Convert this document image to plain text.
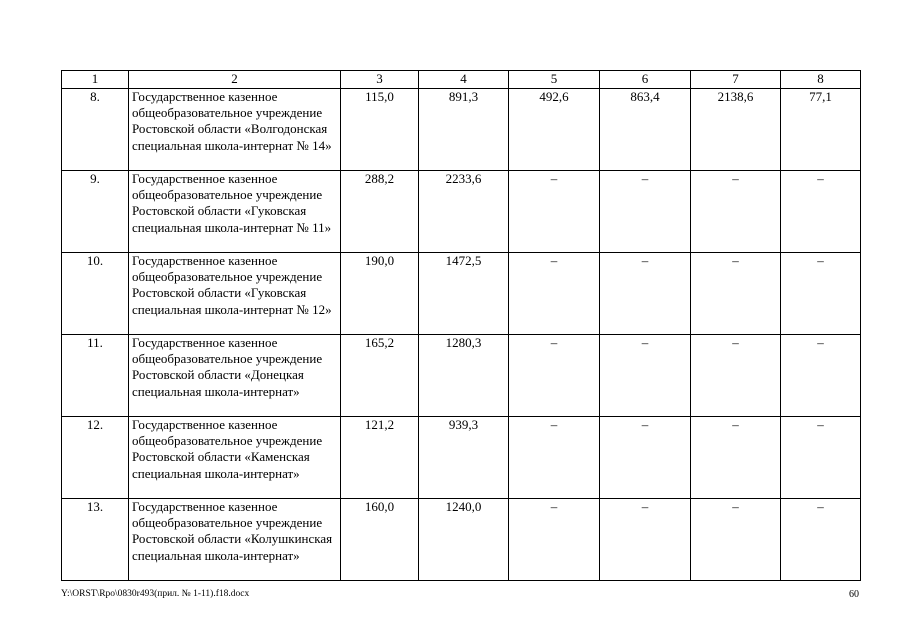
1	2	3	4	5	6	7	8
8.	Государственное казенное общеобразовательное учреждение Ростовской области «Волгодонская специальная школа-интернат № 14»	115,0	891,3	492,6	863,4	2138,6	77,1
9.	Государственное казенное общеобразовательное учреждение Ростовской области «Гуковская специальная школа-интернат № 11»	288,2	2233,6	–	–	–	–
10.	Государственное казенное общеобразовательное учреждение Ростовской области «Гуковская специальная школа-интернат № 12»	190,0	1472,5	–	–	–	–
11.	Государственное казенное общеобразовательное учреждение Ростовской области «Донецкая специальная школа-интернат»	165,2	1280,3	–	–	–	–
12.	Государственное казенное общеобразовательное учреждение Ростовской области «Каменская специальная школа-интернат»	121,2	939,3	–	–	–	–
13.	Государственное казенное общеобразовательное учреждение Ростовской области «Колушкинская специальная школа-интернат»	160,0	1240,0	–	–	–	–
Y:\ORST\Rpo\0830r493(прил. № 1-11).f18.docx	60
